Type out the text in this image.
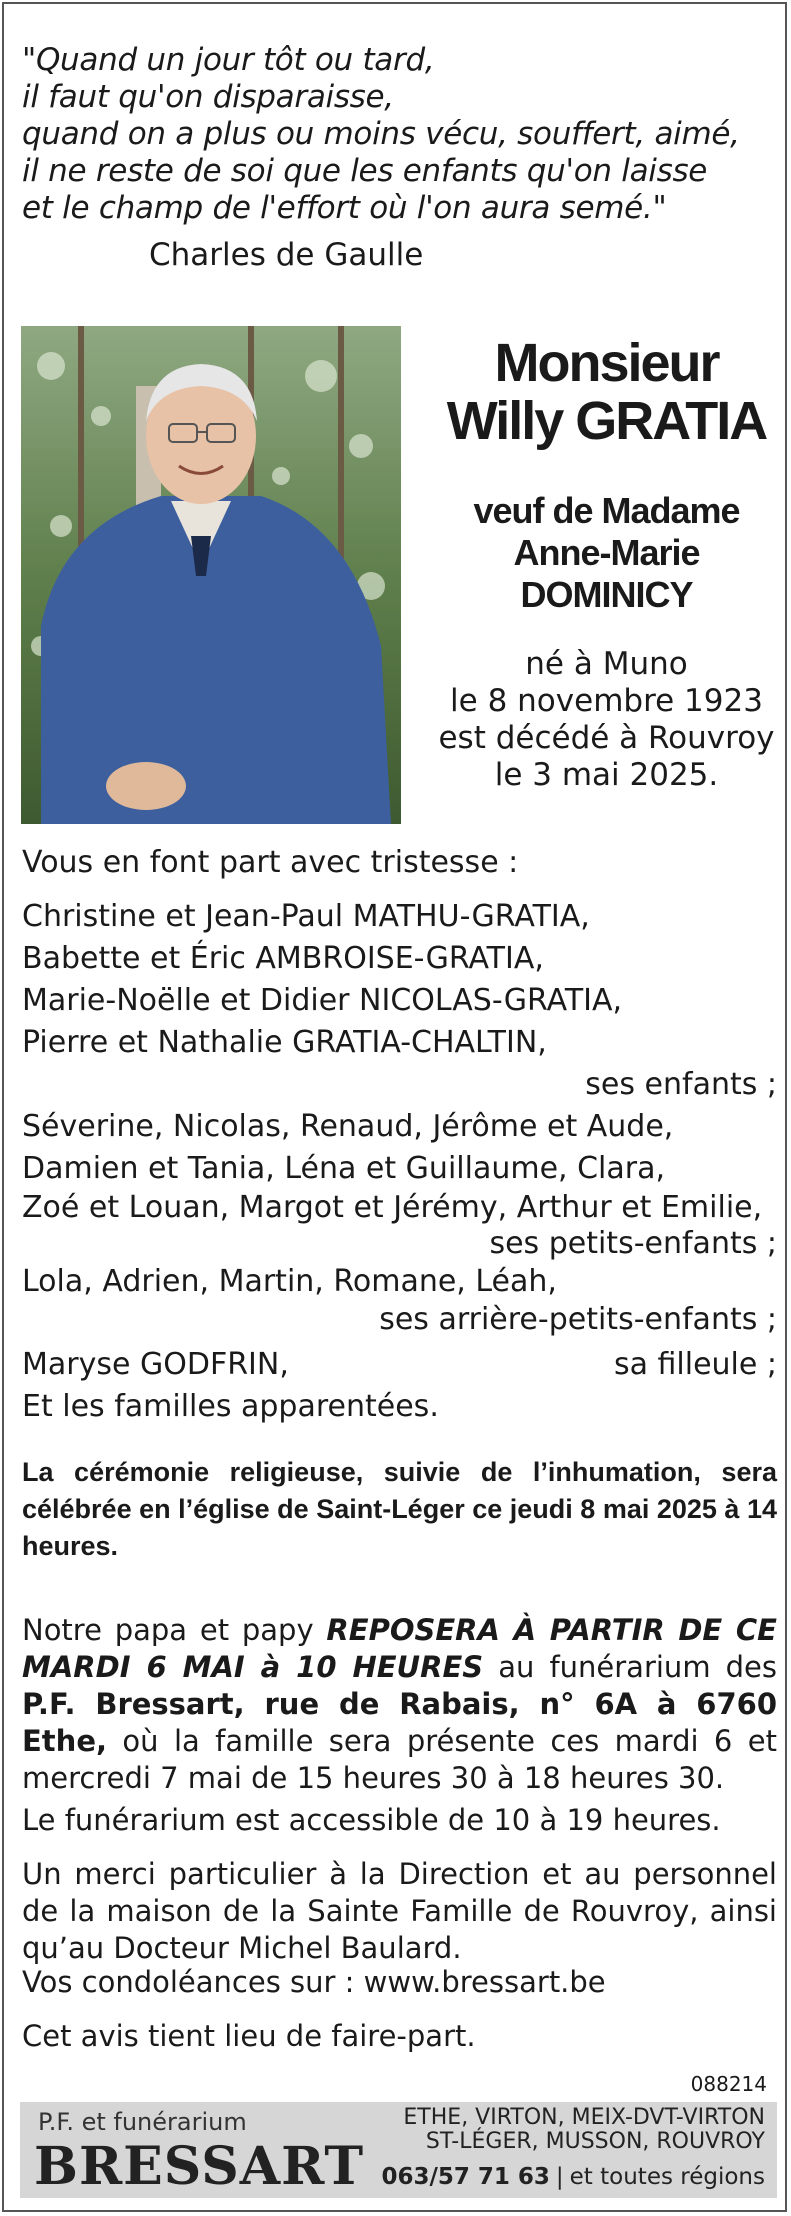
"Quand un jour tôt ou tard,
il faut qu'on disparaisse,
quand on a plus ou moins vécu, souffert, aimé,
il ne reste de soi que les enfants qu'on laisse
et le champ de l'effort où l'on aura semé."
Charles de Gaulle
Monsieur
Willy GRATIA
veuf de Madame
Anne-Marie
DOMINICY
né à Muno
le 8 novembre 1923
est décédé à Rouvroy
le 3 mai 2025.
Vous en font part avec tristesse :
Christine et Jean-Paul MATHU-GRATIA,
Babette et Éric AMBROISE-GRATIA,
Marie-Noëlle et Didier NICOLAS-GRATIA,
Pierre et Nathalie GRATIA-CHALTIN,
ses enfants ;
Séverine, Nicolas, Renaud, Jérôme et Aude,
Damien et Tania, Léna et Guillaume, Clara,
Zoé et Louan, Margot et Jérémy, Arthur et Emilie,
ses petits-enfants ;
Lola, Adrien, Martin, Romane, Léah,
ses arrière-petits-enfants ;
Maryse GODFRIN,	sa filleule ;
Et les familles apparentées.
La cérémonie religieuse, suivie de l’inhumation, sera célébrée en l’église de Saint-Léger ce jeudi 8 mai 2025 à 14 heures.
Notre papa et papy REPOSERA À PARTIR DE CE MARDI 6 MAI à 10 HEURES au funérarium des P.F. Bressart, rue de Rabais, n° 6A à 6760 Ethe, où la famille sera présente ces mardi 6 et mercredi 7 mai de 15 heures 30 à 18 heures 30.
Le funérarium est accessible de 10 à 19 heures.
Un merci particulier à la Direction et au personnel de la maison de la Sainte Famille de Rouvroy, ainsi qu’au Docteur Michel Baulard.
Vos condoléances sur : www.bressart.be
Cet avis tient lieu de faire-part.
088214
P.F. et funérarium
BRESSART
ETHE, VIRTON, MEIX-DVT-VIRTON
ST-LÉGER, MUSSON, ROUVROY
063/57 71 63 | et toutes régions
